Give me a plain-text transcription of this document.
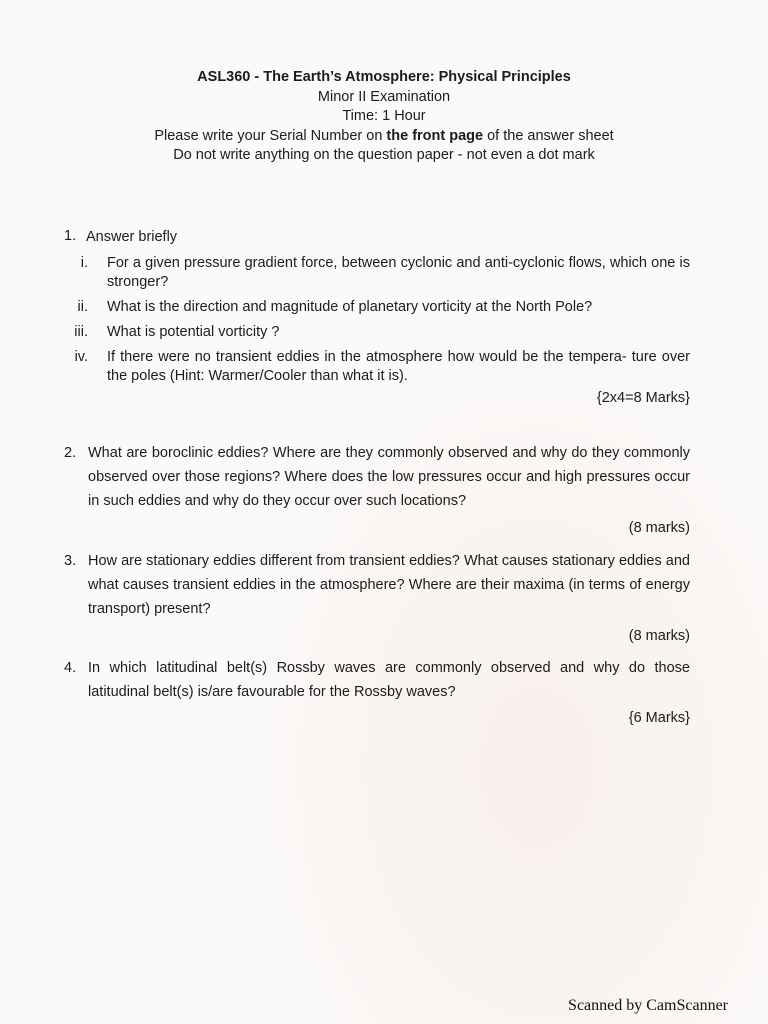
ASL360 - The Earth’s Atmosphere: Physical Principles
Minor II Examination
Time: 1 Hour
Please write your Serial Number on the front page of the answer sheet
Do not write anything on the question paper - not even a dot mark
1. Answer briefly
i. For a given pressure gradient force, between cyclonic and anti-cyclonic flows, which one is stronger?
ii. What is the direction and magnitude of planetary vorticity at the North Pole?
iii. What is potential vorticity ?
iv. If there were no transient eddies in the atmosphere how would be the tempera- ture over the poles (Hint: Warmer/Cooler than what it is).
{2x4=8 Marks}
2. What are boroclinic eddies? Where are they commonly observed and why do they commonly observed over those regions? Where does the low pressures occur and high pressures occur in such eddies and why do they occur over such locations?
(8 marks)
3. How are stationary eddies different from transient eddies? What causes stationary eddies and what causes transient eddies in the atmosphere? Where are their maxima (in terms of energy transport) present?
(8 marks)
4. In which latitudinal belt(s) Rossby waves are commonly observed and why do those latitudinal belt(s) is/are favourable for the Rossby waves?
{6 Marks}
Scanned by CamScanner
